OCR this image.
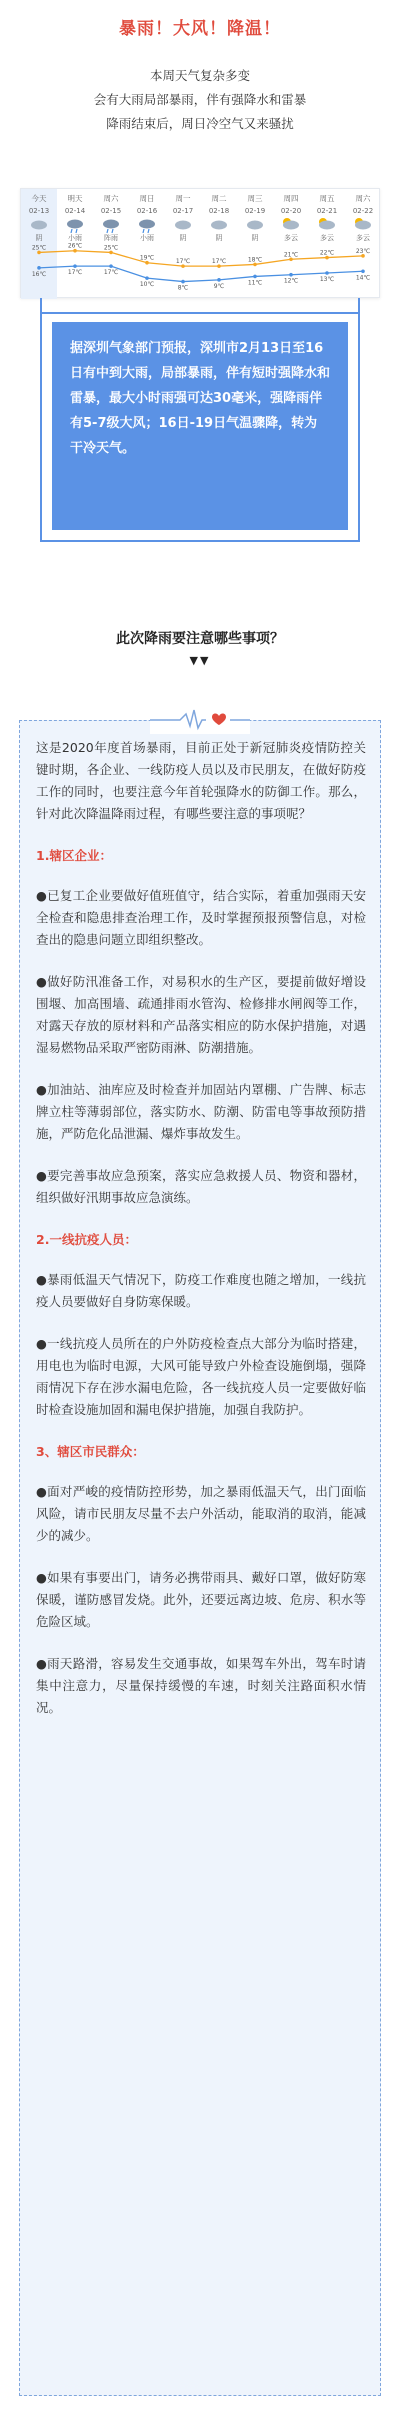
暴雨！大风！降温！
本周天气复杂多变
会有大雨局部暴雨，伴有强降水和雷暴
降雨结束后，周日冷空气又来骚扰
今天
02-13
阴
明天
02-14
小雨
周六
02-15
阵雨
周日
02-16
小雨
周一
02-17
阴
周二
02-18
阴
周三
02-19
阴
周四
02-20
多云
周五
02-21
多云
周六
02-22
多云
25℃
16℃
26℃
17℃
25℃
17℃
19℃
10℃
17℃
8℃
17℃
9℃
18℃
11℃
21℃
12℃
22℃
13℃
23℃
14℃
据深圳气象部门预报，深圳市2月13日至16日有中到大雨，局部暴雨，伴有短时强降水和雷暴，最大小时雨强可达30毫米，强降雨伴有5-7级大风；16日-19日气温骤降，转为干冷天气。
此次降雨要注意哪些事项？
▼▼

这是2020年度首场暴雨，目前正处于新冠肺炎疫情防控关键时期，各企业、一线防疫人员以及市民朋友，在做好防疫工作的同时，也要注意今年首轮强降水的防御工作。那么，针对此次降温降雨过程，有哪些要注意的事项呢？

1.辖区企业：

●已复工企业要做好值班值守，结合实际，着重加强雨天安全检查和隐患排查治理工作，及时掌握预报预警信息，对检查出的隐患问题立即组织整改。

●做好防汛准备工作，对易积水的生产区，要提前做好增设围堰、加高围墙、疏通排雨水管沟、检修排水闸阀等工作，对露天存放的原材料和产品落实相应的防水保护措施，对遇湿易燃物品采取严密防雨淋、防潮措施。

●加油站、油库应及时检查并加固站内罩棚、广告牌、标志牌立柱等薄弱部位，落实防水、防潮、防雷电等事故预防措施，严防危化品泄漏、爆炸事故发生。

●要完善事故应急预案，落实应急救援人员、物资和器材，组织做好汛期事故应急演练。

2.一线抗疫人员：

●暴雨低温天气情况下，防疫工作难度也随之增加，一线抗疫人员要做好自身防寒保暖。

●一线抗疫人员所在的户外防疫检查点大部分为临时搭建，用电也为临时电源，大风可能导致户外检查设施倒塌，强降雨情况下存在涉水漏电危险，各一线抗疫人员一定要做好临时检查设施加固和漏电保护措施，加强自我防护。

3、辖区市民群众：

●面对严峻的疫情防控形势，加之暴雨低温天气，出门面临风险，请市民朋友尽量不去户外活动，能取消的取消，能减少的减少。

●如果有事要出门，请务必携带雨具、戴好口罩，做好防寒保暖，谨防感冒发烧。此外，还要远离边坡、危房、积水等危险区域。

●雨天路滑，容易发生交通事故，如果驾车外出，驾车时请集中注意力，尽量保持缓慢的车速，时刻关注路面积水情况。
